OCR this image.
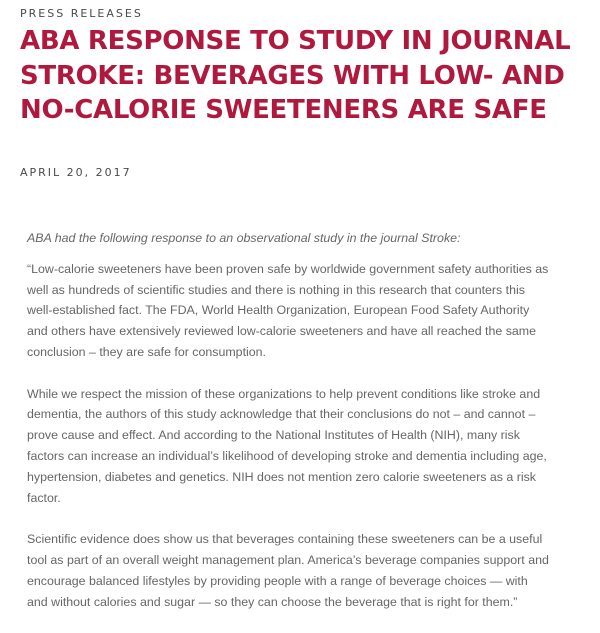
PRESS RELEASES
ABA RESPONSE TO STUDY IN JOURNAL STROKE: BEVERAGES WITH LOW- AND NO-CALORIE SWEETENERS ARE SAFE
APRIL 20, 2017

ABA had the following response to an observational study in the journal Stroke:

“Low-calorie sweeteners have been proven safe by worldwide government safety authorities as well as hundreds of scientific studies and there is nothing in this research that counters this well-established fact. The FDA, World Health Organization, European Food Safety Authority and others have extensively reviewed low-calorie sweeteners and have all reached the same conclusion – they are safe for consumption.

While we respect the mission of these organizations to help prevent conditions like stroke and dementia, the authors of this study acknowledge that their conclusions do not – and cannot – prove cause and effect. And according to the National Institutes of Health (NIH), many risk factors can increase an individual’s likelihood of developing stroke and dementia including age, hypertension, diabetes and genetics. NIH does not mention zero calorie sweeteners as a risk factor.

Scientific evidence does show us that beverages containing these sweeteners can be a useful tool as part of an overall weight management plan. America’s beverage companies support and encourage balanced lifestyles by providing people with a range of beverage choices — with and without calories and sugar — so they can choose the beverage that is right for them.”
